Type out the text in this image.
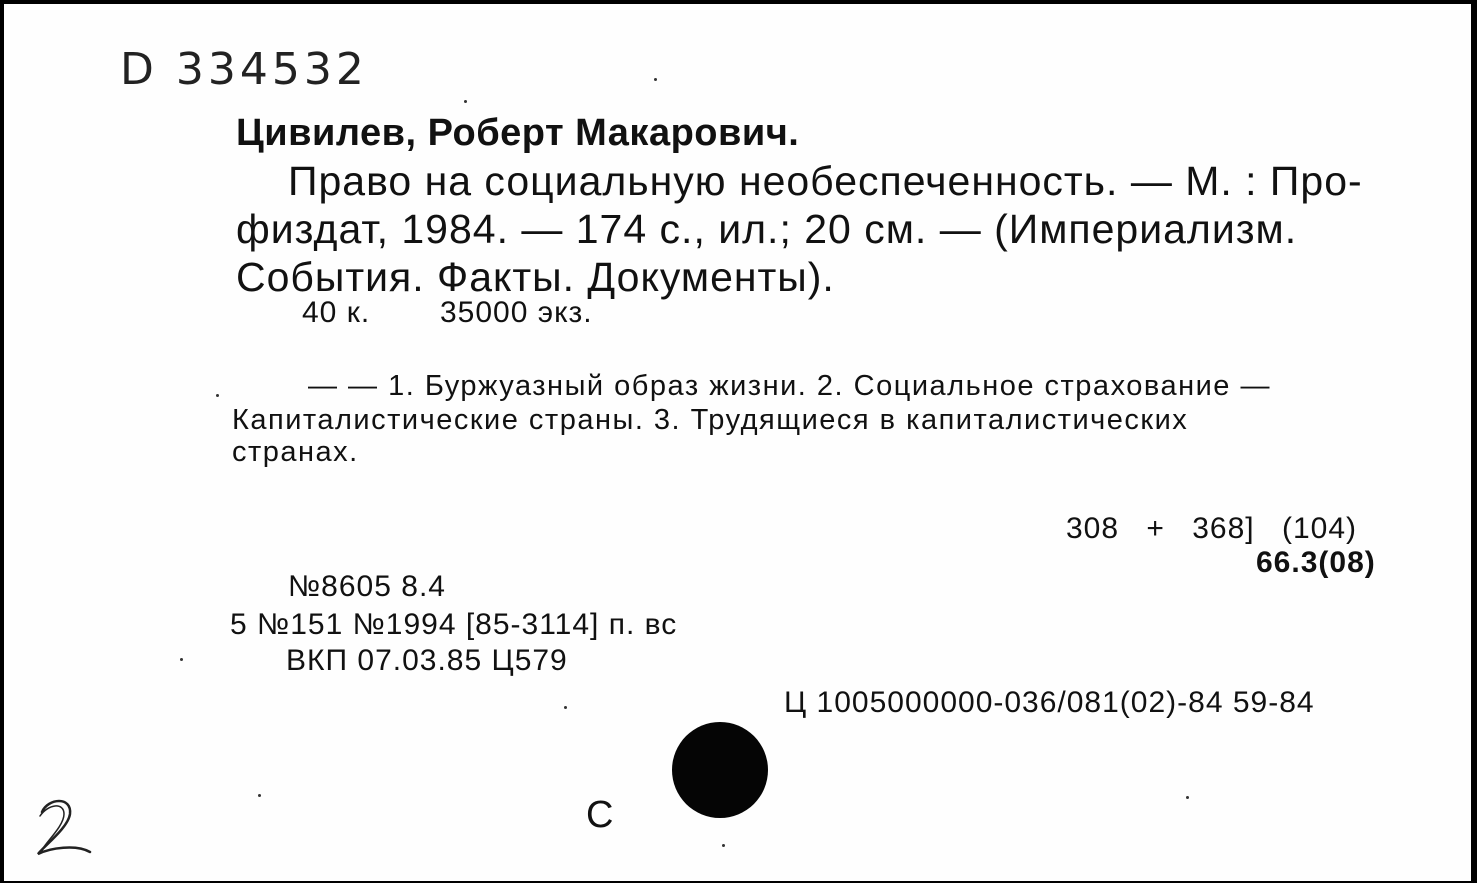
D 334532
Цивилев, Роберт Макарович.
Право на социальную необеспеченность. — М. : Про-
физдат, 1984. — 174 с., ил.; 20 см. — (Империализм.
События. Факты. Документы).
40 к. 35000 экз.
— — 1. Буржуазный образ жизни. 2. Социальное страхование —
Капиталистические страны. 3. Трудящиеся в капиталистических
странах.
308 + 368] (104)
66.3(08)
№8605 8.4
5 №151 №1994 [85-3114] п. вс
ВКП 07.03.85 Ц579
Ц 1005000000-036/081(02)-84 59-84
С
